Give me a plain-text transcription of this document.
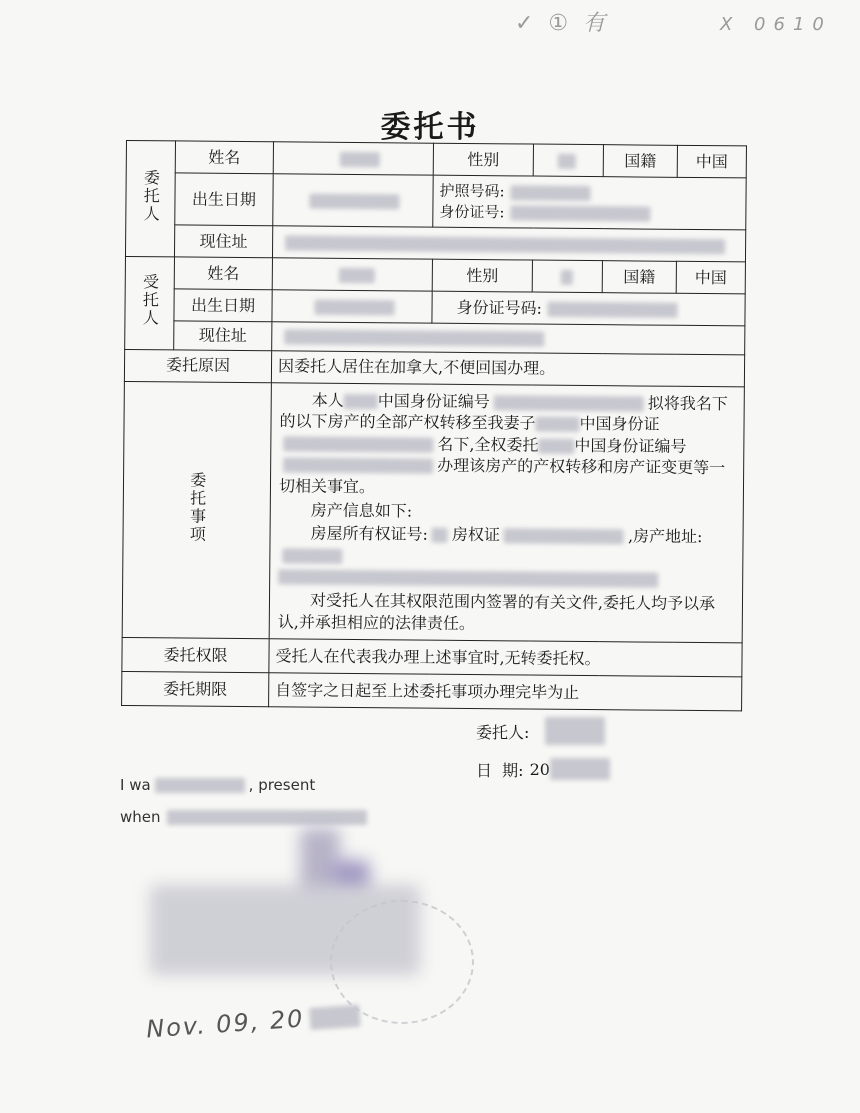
✓ ① 有	X 0610
委托书
委托人	姓名		性别		国籍	中国
	出生日期		护照号码:
身份证号:			

	现住址					
受托人	姓名		性别		国籍	中国
	出生日期		身份证号码:			
	现住址					
委托原因		因委托人居住在加拿大,不便回国办理。				
委托事项		本人 中国身份证编号 拟将我名下的以下房产的全部产权转移至我妻子 中国身份证名下,全权委托 中国身份证编号办理该房产的产权转移和房产证变更等一切相关事宜。

房产信息如下:

房屋所有权证号: 房权证 ,房产地址:

对受托人在其权限范围内签署的有关文件,委托人均予以承认,并承担相应的法律责任。				

委托权限		受托人在代表我办理上述事宜时,无转委托权。				
委托期限		自签字之日起至上述委托事项办理完毕为止				
委托人:
日  期: 20
I wa	, present
when
Nov. 09, 20
